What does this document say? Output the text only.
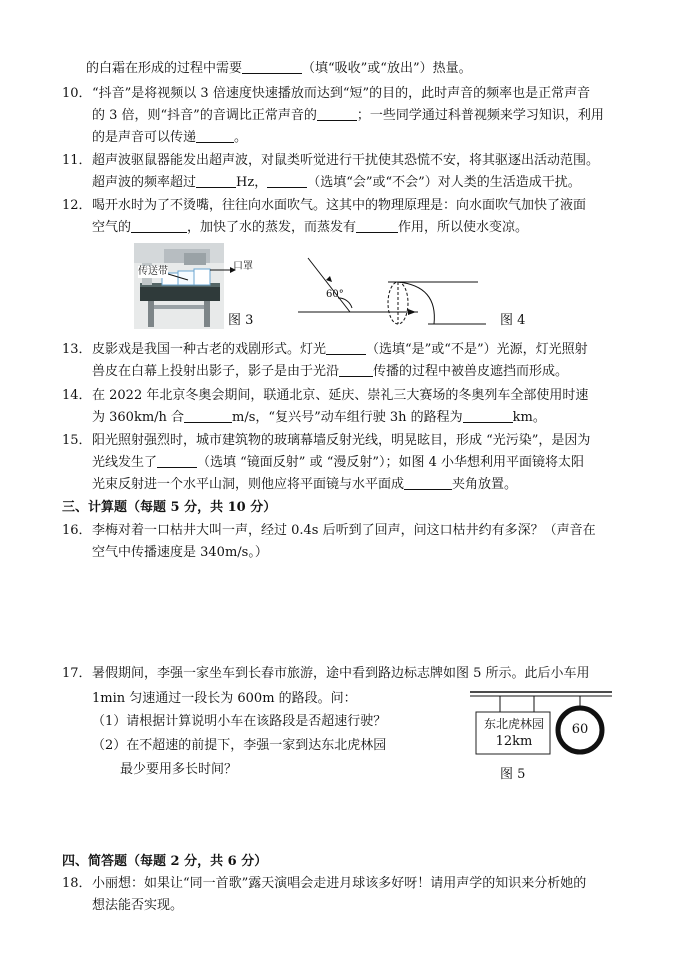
的白霜在形成的过程中需要	（填“吸收”或“放出”）热量。
10． “抖音”是将视频以 3 倍速度快速播放而达到“短”的目的，此时声音的频率也是正常声音
的 3 倍，则“抖音”的音调比正常声音的	；一些同学通过科普视频来学习知识，利用
的是声音可以传递	。
11． 超声波驱鼠器能发出超声波，对鼠类听觉进行干扰使其恐慌不安，将其驱逐出活动范围。
超声波的频率超过	Hz，	（选填“会”或“不会”）对人类的生活造成干扰。
12． 喝开水时为了不烫嘴，往往向水面吹气。这其中的物理原理是：向水面吹气加快了液面
空气的	，加快了水的蒸发，而蒸发有	作用，所以使水变凉。
传送带	口罩
图 3
60°
图 4
13． 皮影戏是我国一种古老的戏剧形式。灯光	（选填“是”或“不是”）光源，灯光照射
兽皮在白幕上投射出影子，影子是由于光沿	传播的过程中被兽皮遮挡而形成。
14． 在 2022 年北京冬奥会期间，联通北京、延庆、崇礼三大赛场的冬奥列车全部使用时速
为 360km/h 合	m/s，“复兴号”动车组行驶 3h 的路程为	km。
15． 阳光照射强烈时，城市建筑物的玻璃幕墙反射光线，明晃眩目，形成 “光污染”，是因为
光线发生了	（选填 “镜面反射” 或 “漫反射”）；如图 4 小华想利用平面镜将太阳
光束反射进一个水平山洞，则他应将平面镜与水平面成	夹角放置。
三、计算题（每题 5 分，共 10 分）
16． 李梅对着一口枯井大叫一声，经过 0.4s 后听到了回声，问这口枯井约有多深？（声音在
空气中传播速度是 340m/s。）
17． 暑假期间，李强一家坐车到长春市旅游，途中看到路边标志牌如图 5 所示。此后小车用
1min 匀速通过一段长为 600m 的路段。问：
（1）请根据计算说明小车在该路段是否超速行驶？
（2）在不超速的前提下，李强一家到达东北虎林园
最少要用多长时间？
东北虎林园
12km
60
图 5
四、简答题（每题 2 分，共 6 分）
18． 小丽想：如果让“同一首歌”露天演唱会走进月球该多好呀！请用声学的知识来分析她的
想法能否实现。
